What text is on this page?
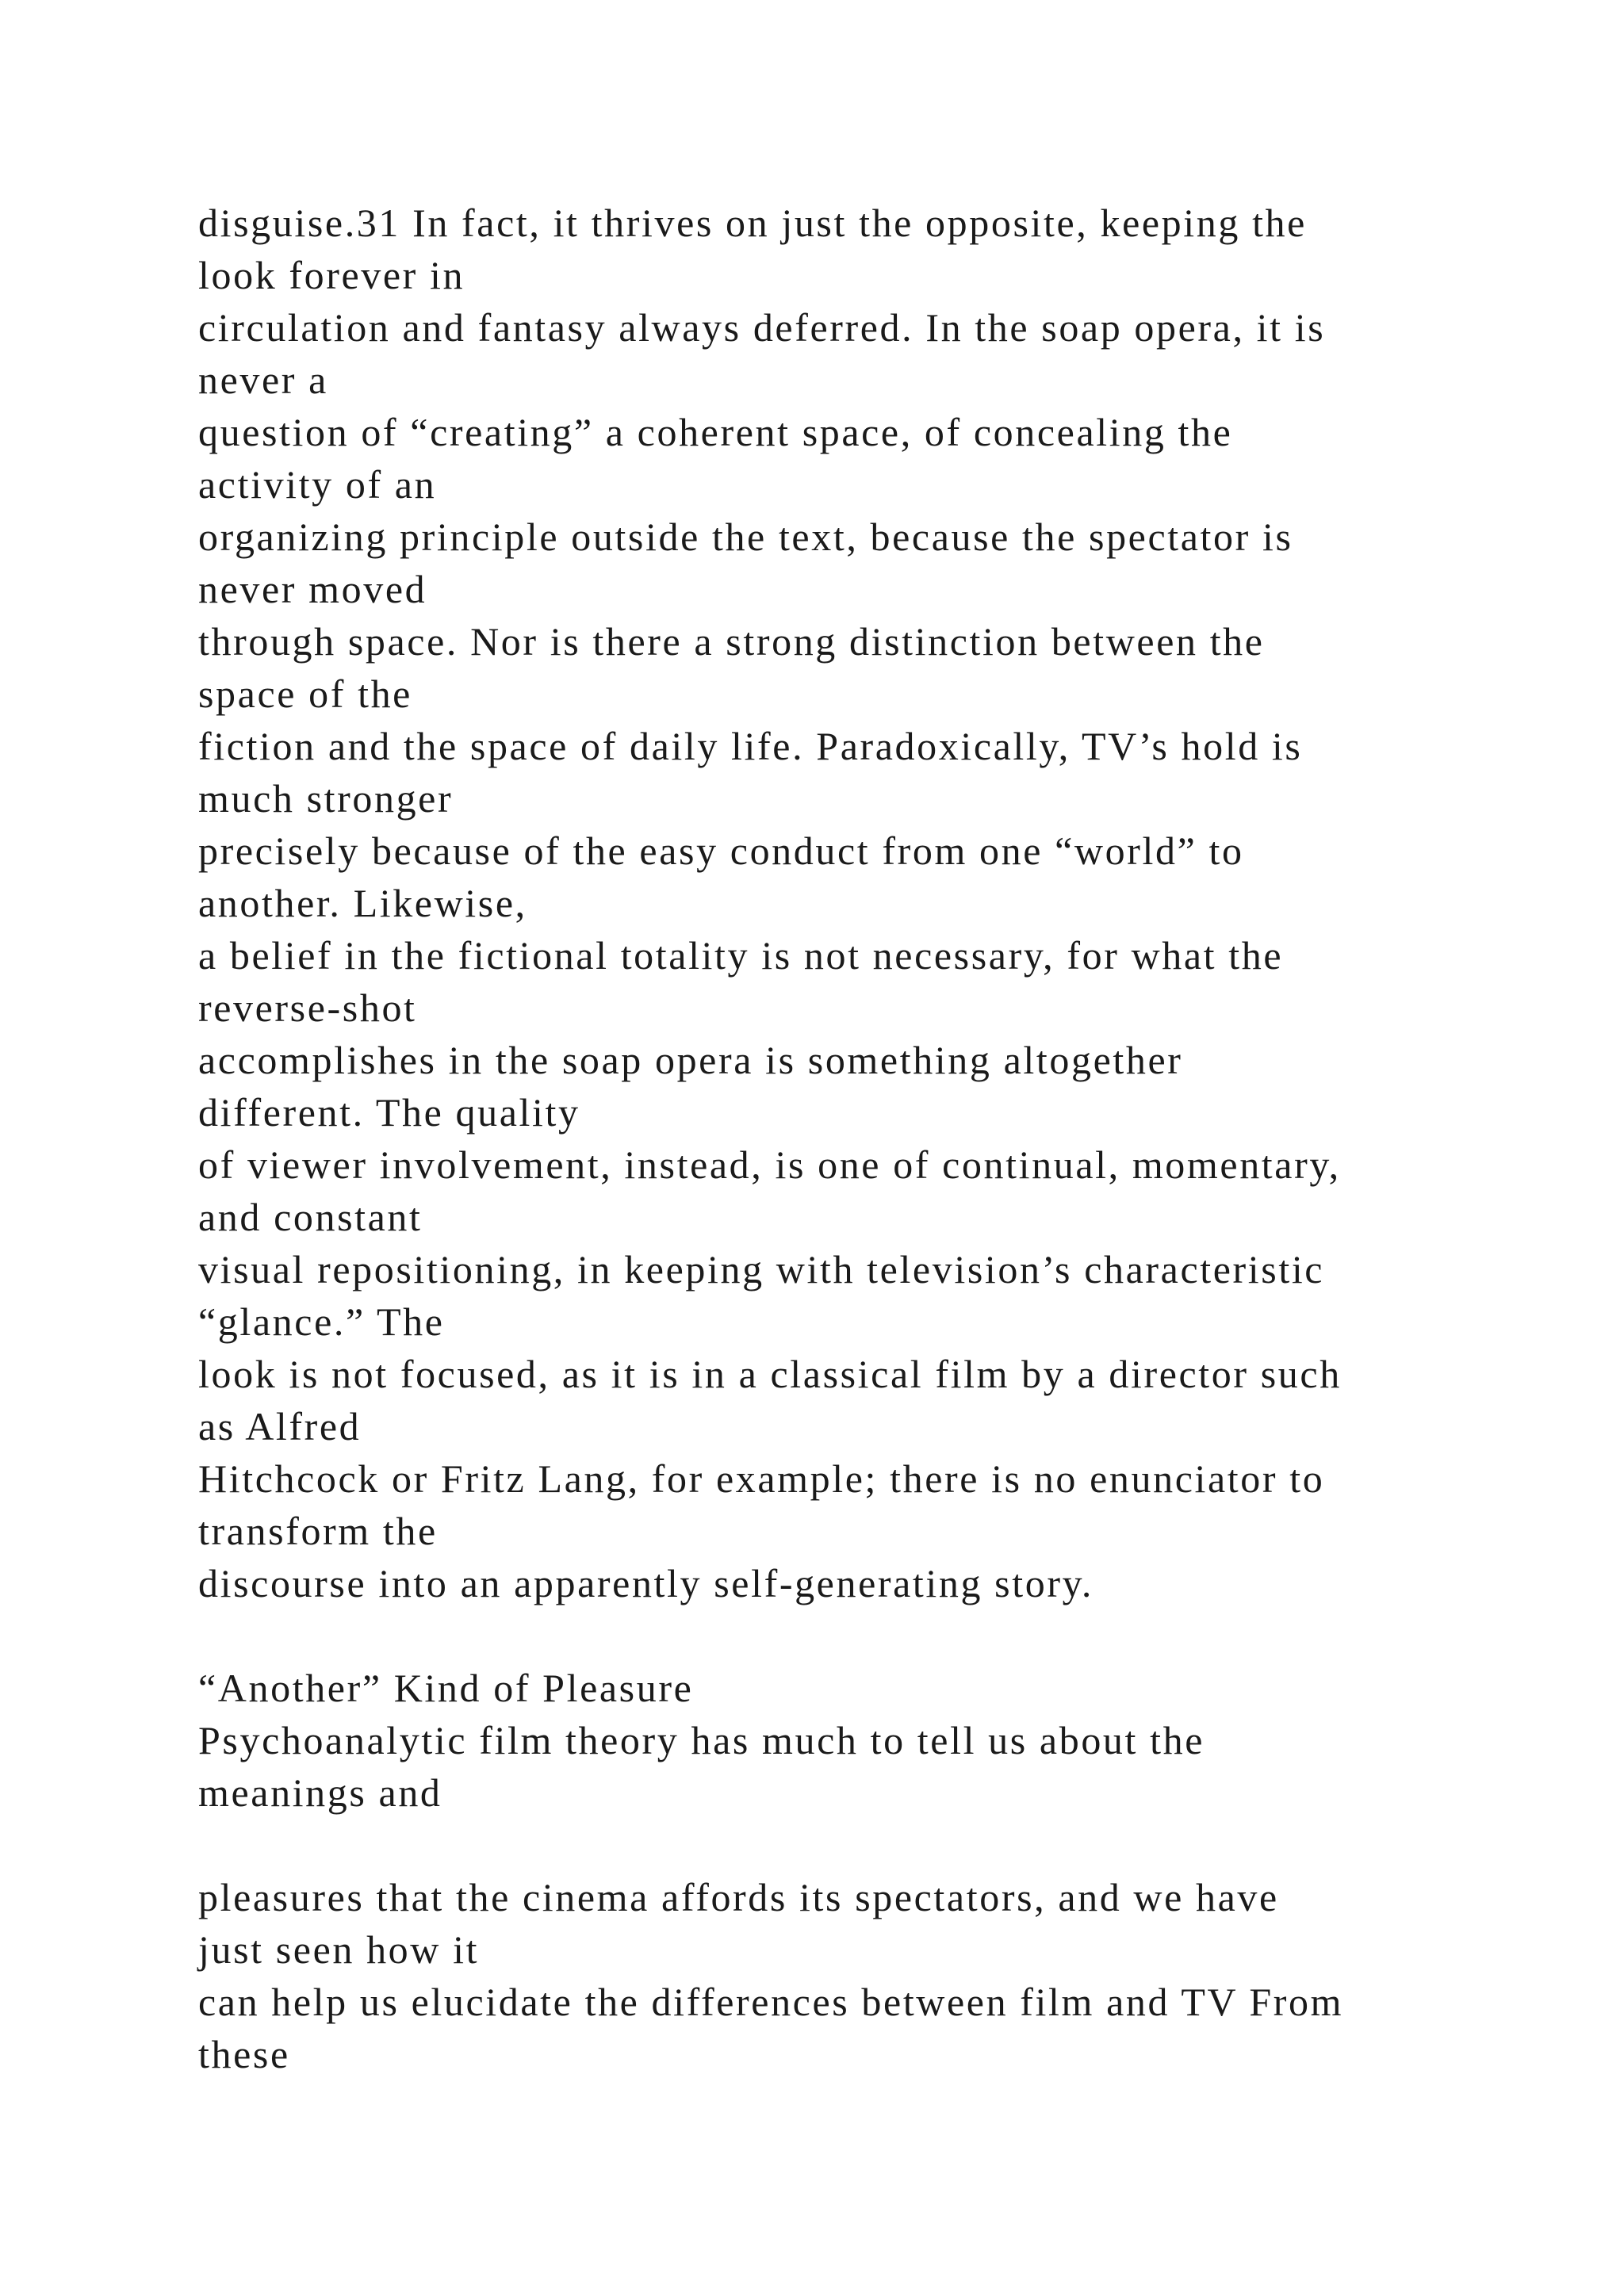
disguise.31 In fact, it thrives on just the opposite, keeping the
look forever in
circulation and fantasy always deferred. In the soap opera, it is
never a
question of “creating” a coherent space, of concealing the
activity of an
organizing principle outside the text, because the spectator is
never moved
through space. Nor is there a strong distinction between the
space of the
fiction and the space of daily life. Paradoxically, TV’s hold is
much stronger
precisely because of the easy conduct from one “world” to
another. Likewise,
a belief in the fictional totality is not necessary, for what the
reverse-shot
accomplishes in the soap opera is something altogether
different. The quality
of viewer involvement, instead, is one of continual, momentary,
and constant
visual repositioning, in keeping with television’s characteristic
“glance.” The
look is not focused, as it is in a classical film by a director such
as Alfred
Hitchcock or Fritz Lang, for example; there is no enunciator to
transform the
discourse into an apparently self-generating story.
“Another” Kind of Pleasure
Psychoanalytic film theory has much to tell us about the
meanings and
pleasures that the cinema affords its spectators, and we have
just seen how it
can help us elucidate the differences between film and TV From
these
